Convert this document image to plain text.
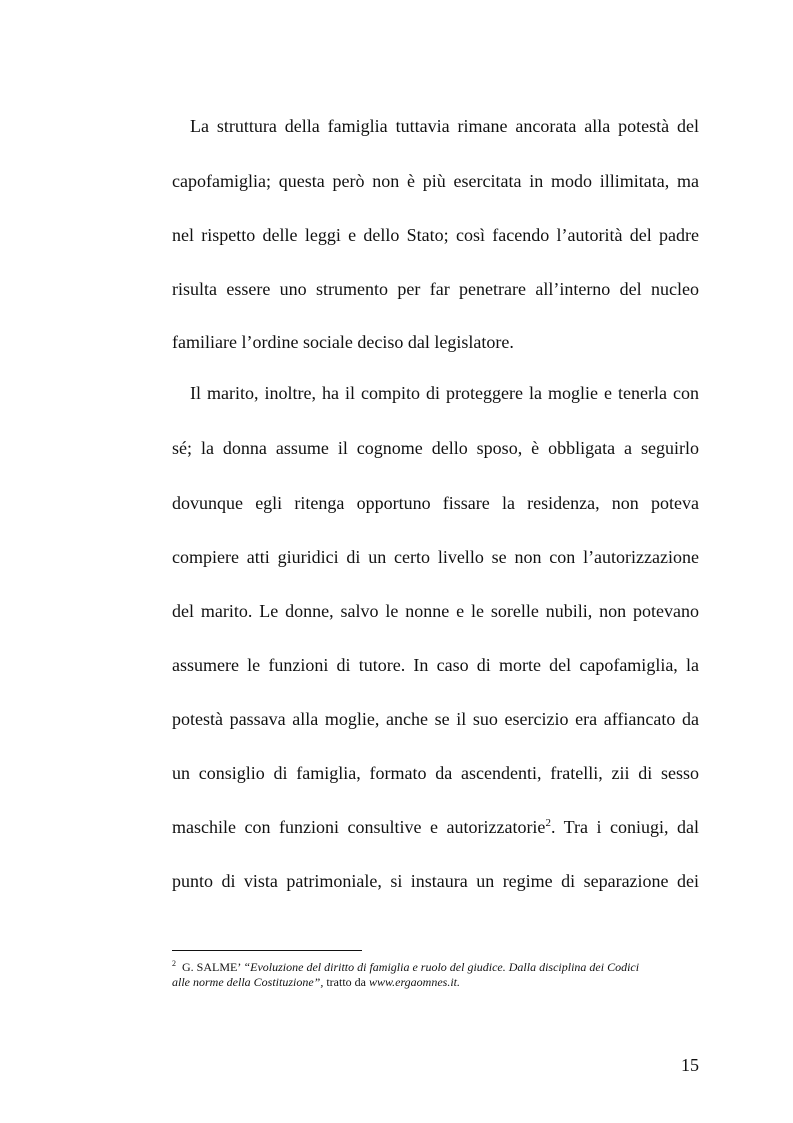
La struttura della famiglia tuttavia rimane ancorata alla potestà del
capofamiglia; questa però non è più esercitata in modo illimitata, ma
nel rispetto delle leggi e dello Stato; così facendo l’autorità del padre
risulta essere uno strumento per far penetrare all’interno del nucleo
familiare l’ordine sociale deciso dal legislatore.
Il marito, inoltre, ha il compito di proteggere la moglie e tenerla con
sé; la donna assume il cognome dello sposo, è obbligata a seguirlo
dovunque egli ritenga opportuno fissare la residenza, non poteva
compiere atti giuridici di un certo livello se non con l’autorizzazione
del marito. Le donne, salvo le nonne e le sorelle nubili, non potevano
assumere le funzioni di tutore. In caso di morte del capofamiglia, la
potestà passava alla moglie, anche se il suo esercizio era affiancato da
un consiglio di famiglia, formato da ascendenti, fratelli, zii di sesso
maschile con funzioni consultive e autorizzatorie$^2$. Tra i coniugi, dal
punto di vista patrimoniale, si instaura un regime di separazione dei
$^2$ G. SALME’ “Evoluzione del diritto di famiglia e ruolo del giudice. Dalla disciplina dei Codici
alle norme della Costituzione”, tratto da www.ergaomnes.it.
15
